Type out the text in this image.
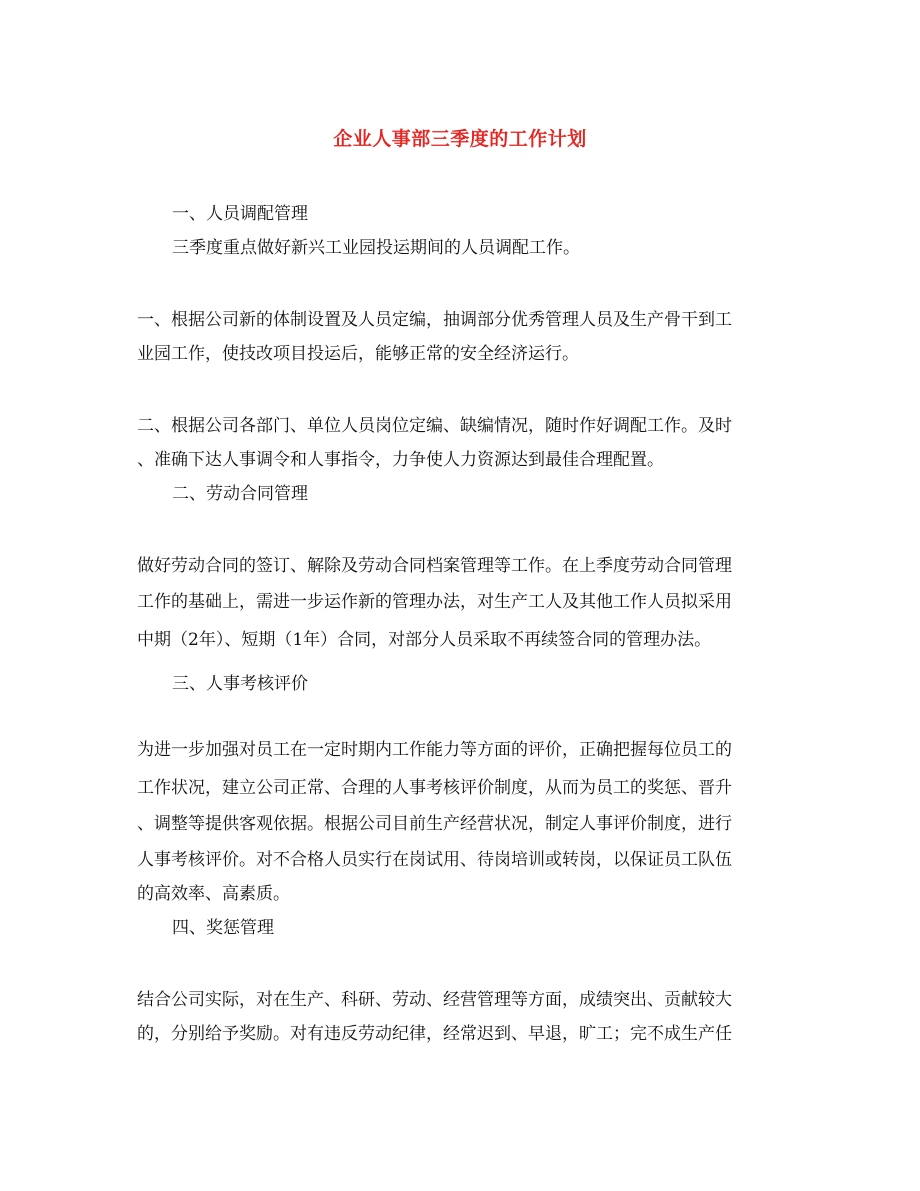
企业人事部三季度的工作计划
一、人员调配管理
三季度重点做好新兴工业园投运期间的人员调配工作。
一、根据公司新的体制设置及人员定编，抽调部分优秀管理人员及生产骨干到工
业园工作，使技改项目投运后，能够正常的安全经济运行。
二、根据公司各部门、单位人员岗位定编、缺编情况，随时作好调配工作。及时
、准确下达人事调令和人事指令，力争使人力资源达到最佳合理配置。
二、劳动合同管理
做好劳动合同的签订、解除及劳动合同档案管理等工作。在上季度劳动合同管理
工作的基础上，需进一步运作新的管理办法，对生产工人及其他工作人员拟采用
中期（2年）、短期（1年）合同，对部分人员采取不再续签合同的管理办法。
三、人事考核评价
为进一步加强对员工在一定时期内工作能力等方面的评价，正确把握每位员工的
工作状况，建立公司正常、合理的人事考核评价制度，从而为员工的奖惩、晋升
、调整等提供客观依据。根据公司目前生产经营状况，制定人事评价制度，进行
人事考核评价。对不合格人员实行在岗试用、待岗培训或转岗，以保证员工队伍
的高效率、高素质。
四、奖惩管理
结合公司实际，对在生产、科研、劳动、经营管理等方面，成绩突出、贡献较大
的，分别给予奖励。对有违反劳动纪律，经常迟到、早退，旷工；完不成生产任
